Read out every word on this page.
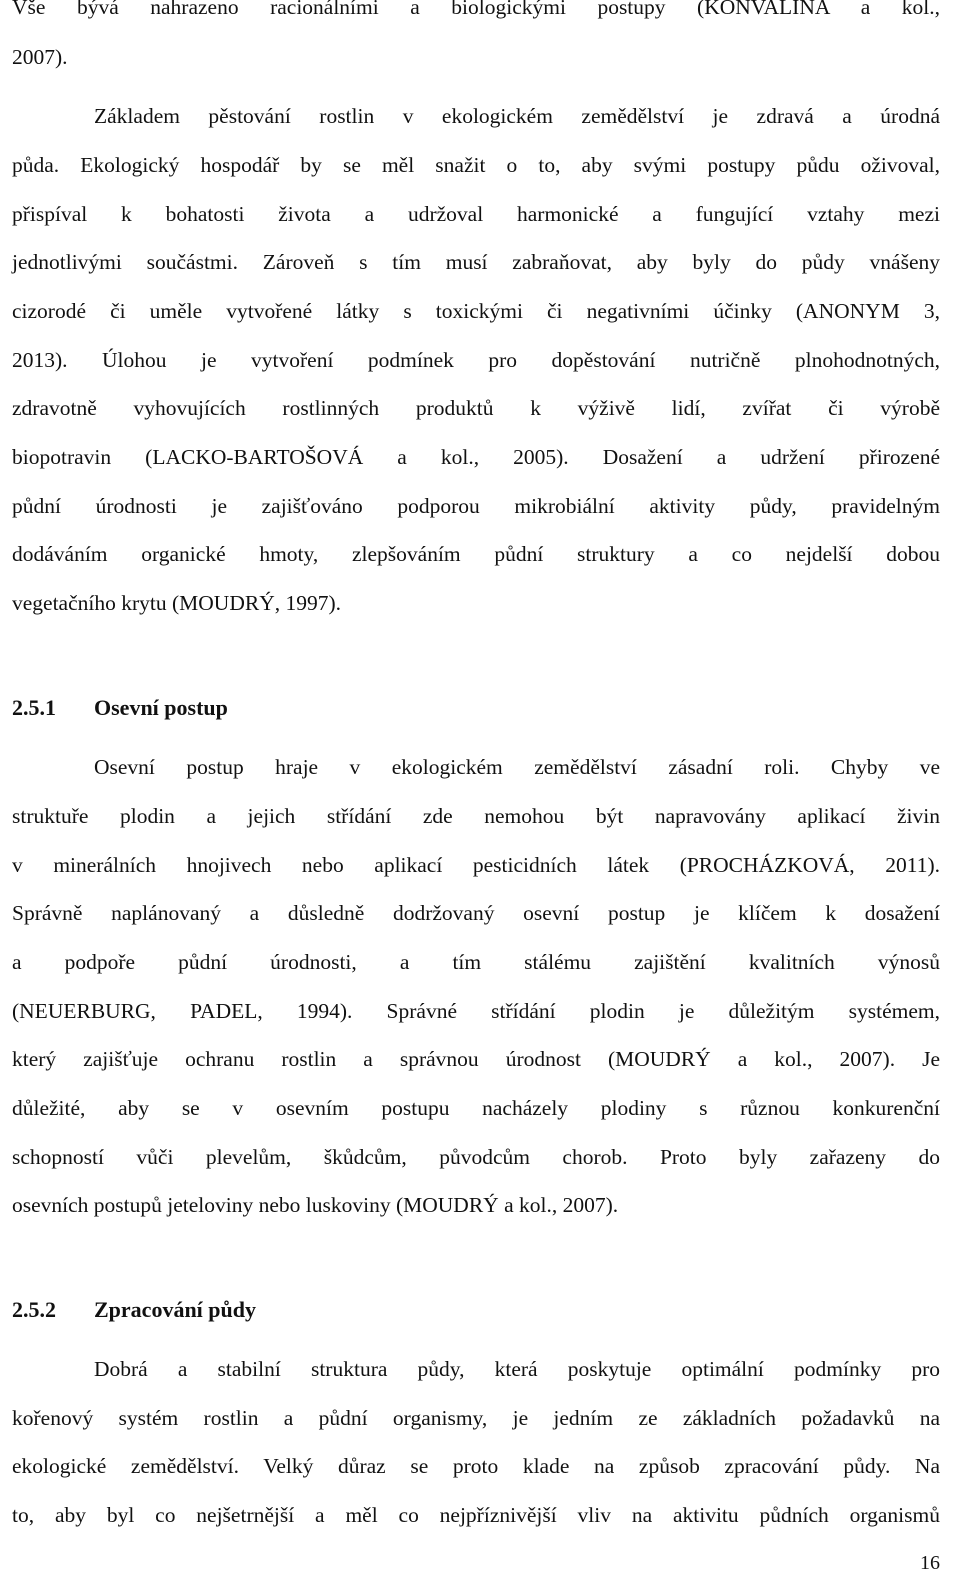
Vše bývá nahrazeno racionálními a biologickými postupy (KONVALINA a kol.,
2007).
Základem pěstování rostlin v ekologickém zemědělství je zdravá a úrodná
půda. Ekologický hospodář by se měl snažit o to, aby svými postupy půdu oživoval,
přispíval k bohatosti života a udržoval harmonické a fungující vztahy mezi
jednotlivými součástmi. Zároveň s tím musí zabraňovat, aby byly do půdy vnášeny
cizorodé či uměle vytvořené látky s toxickými či negativními účinky (ANONYM 3,
2013). Úlohou je vytvoření podmínek pro dopěstování nutričně plnohodnotných,
zdravotně vyhovujících rostlinných produktů k výživě lidí, zvířat či výrobě
biopotravin (LACKO-BARTOŠOVÁ a kol., 2005). Dosažení a udržení přirozené
půdní úrodnosti je zajišťováno podporou mikrobiální aktivity půdy, pravidelným
dodáváním organické hmoty, zlepšováním půdní struktury a co nejdelší dobou
vegetačního krytu (MOUDRÝ, 1997).
2.5.1 Osevní postup
Osevní postup hraje v ekologickém zemědělství zásadní roli. Chyby ve
struktuře plodin a jejich střídání zde nemohou být napravovány aplikací živin
v minerálních hnojivech nebo aplikací pesticidních látek (PROCHÁZKOVÁ, 2011).
Správně naplánovaný a důsledně dodržovaný osevní postup je klíčem k dosažení
a podpoře půdní úrodnosti, a tím stálému zajištění kvalitních výnosů
(NEUERBURG, PADEL, 1994). Správné střídání plodin je důležitým systémem,
který zajišťuje ochranu rostlin a správnou úrodnost (MOUDRÝ a kol., 2007). Je
důležité, aby se v osevním postupu nacházely plodiny s různou konkurenční
schopností vůči plevelům, škůdcům, původcům chorob. Proto byly zařazeny do
osevních postupů jeteloviny nebo luskoviny (MOUDRÝ a kol., 2007).
2.5.2 Zpracování půdy
Dobrá a stabilní struktura půdy, která poskytuje optimální podmínky pro
kořenový systém rostlin a půdní organismy, je jedním ze základních požadavků na
ekologické zemědělství. Velký důraz se proto klade na způsob zpracování půdy. Na
to, aby byl co nejšetrnější a měl co nejpříznivější vliv na aktivitu půdních organismů
16
